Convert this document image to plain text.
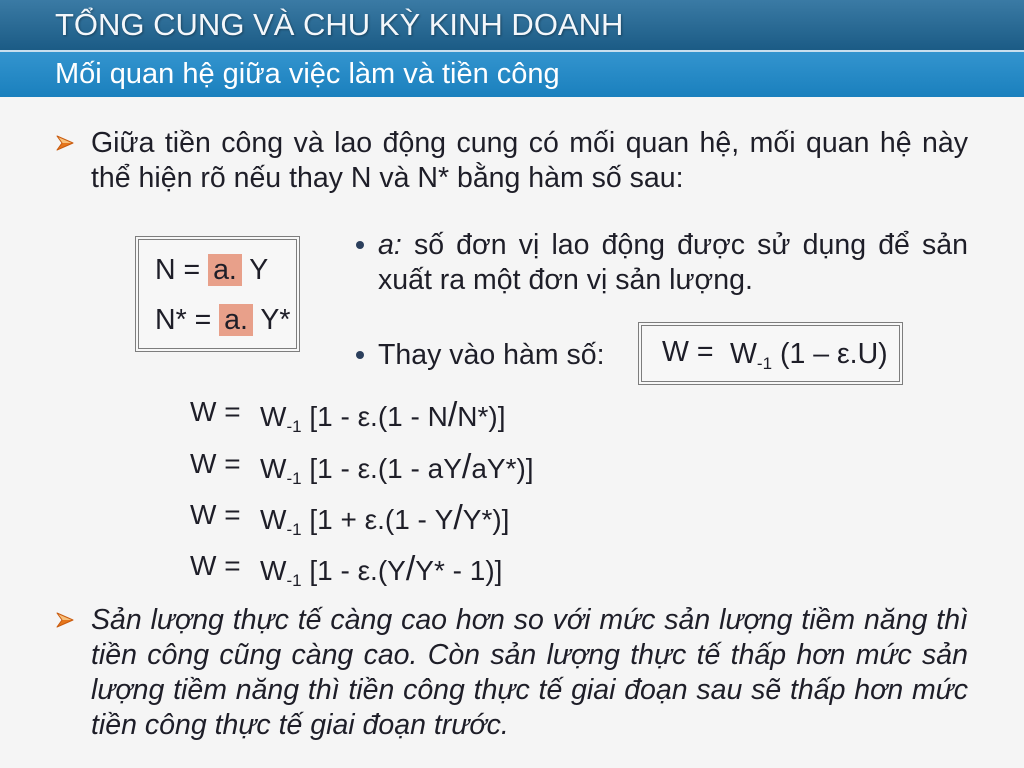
TỔNG CUNG VÀ CHU KỲ KINH DOANH
Mối quan hệ giữa việc làm và tiền công

Giữa tiền công và lao động cung có mối quan hệ, mối quan hệ này thể hiện rõ nếu thay N và N* bằng hàm số sau:

N = a. Y
N* = a. Y*

a: số đơn vị lao động được sử dụng để sản xuất ra một đơn vị sản lượng.

Thay vào hàm số: $W = W_{-1}$ (1 – ε.U)
$W = W_{-1}$ [1 - ε.(1 - N/N*)]
$W = W_{-1}$ [1 - ε.(1 - aY/aY*)]
$W = W_{-1}$ [1 + ε.(1 - Y/Y*)]
$W = W_{-1}$ [1 - ε.(Y/Y* - 1)]

Sản lượng thực tế càng cao hơn so với mức sản lượng tiềm năng thì tiền công cũng càng cao. Còn sản lượng thực tế thấp hơn mức sản lượng tiềm năng thì tiền công thực tế giai đoạn sau sẽ thấp hơn mức tiền công thực tế giai đoạn trước.
